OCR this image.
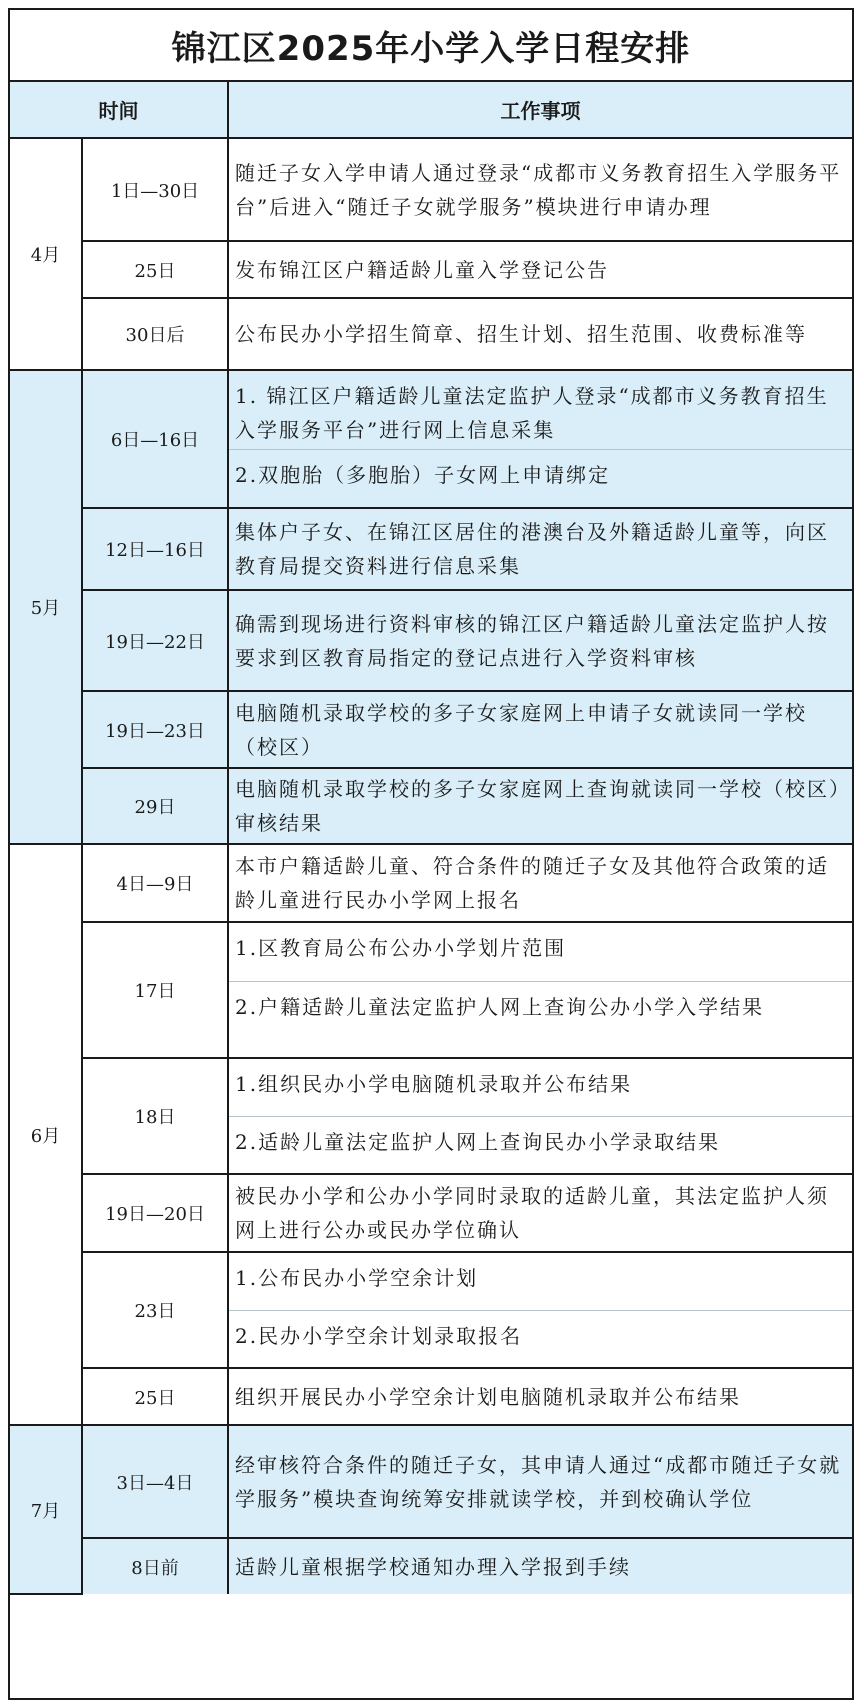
锦江区2025年小学入学日程安排
时间		工作事项
4月	1日—30日	随迁子女入学申请人通过登录“成都市义务教育招生入学服务平台”后进入“随迁子女就学服务”模块进行申请办理
	25日	发布锦江区户籍适龄儿童入学登记公告
	30日后	公布民办小学招生简章、招生计划、招生范围、收费标准等
5月	6日—16日	1. 锦江区户籍适龄儿童法定监护人登录“成都市义务教育招生入学服务平台”进行网上信息采集
2.双胞胎（多胞胎）子女网上申请绑定

	12日—16日	集体户子女、在锦江区居住的港澳台及外籍适龄儿童等，向区教育局提交资料进行信息采集
	19日—22日	确需到现场进行资料审核的锦江区户籍适龄儿童法定监护人按要求到区教育局指定的登记点进行入学资料审核
	19日—23日	电脑随机录取学校的多子女家庭网上申请子女就读同一学校（校区）
	29日	电脑随机录取学校的多子女家庭网上查询就读同一学校（校区）审核结果
6月	4日—9日	本市户籍适龄儿童、符合条件的随迁子女及其他符合政策的适龄儿童进行民办小学网上报名
	17日	1.区教育局公布公办小学划片范围
2.户籍适龄儿童法定监护人网上查询公办小学入学结果

	18日	1.组织民办小学电脑随机录取并公布结果
2.适龄儿童法定监护人网上查询民办小学录取结果

	19日—20日	被民办小学和公办小学同时录取的适龄儿童，其法定监护人须网上进行公办或民办学位确认
	23日	1.公布民办小学空余计划
2.民办小学空余计划录取报名

	25日	组织开展民办小学空余计划电脑随机录取并公布结果
7月	3日—4日	经审核符合条件的随迁子女，其申请人通过“成都市随迁子女就学服务”模块查询统筹安排就读学校，并到校确认学位
	8日前	适龄儿童根据学校通知办理入学报到手续
